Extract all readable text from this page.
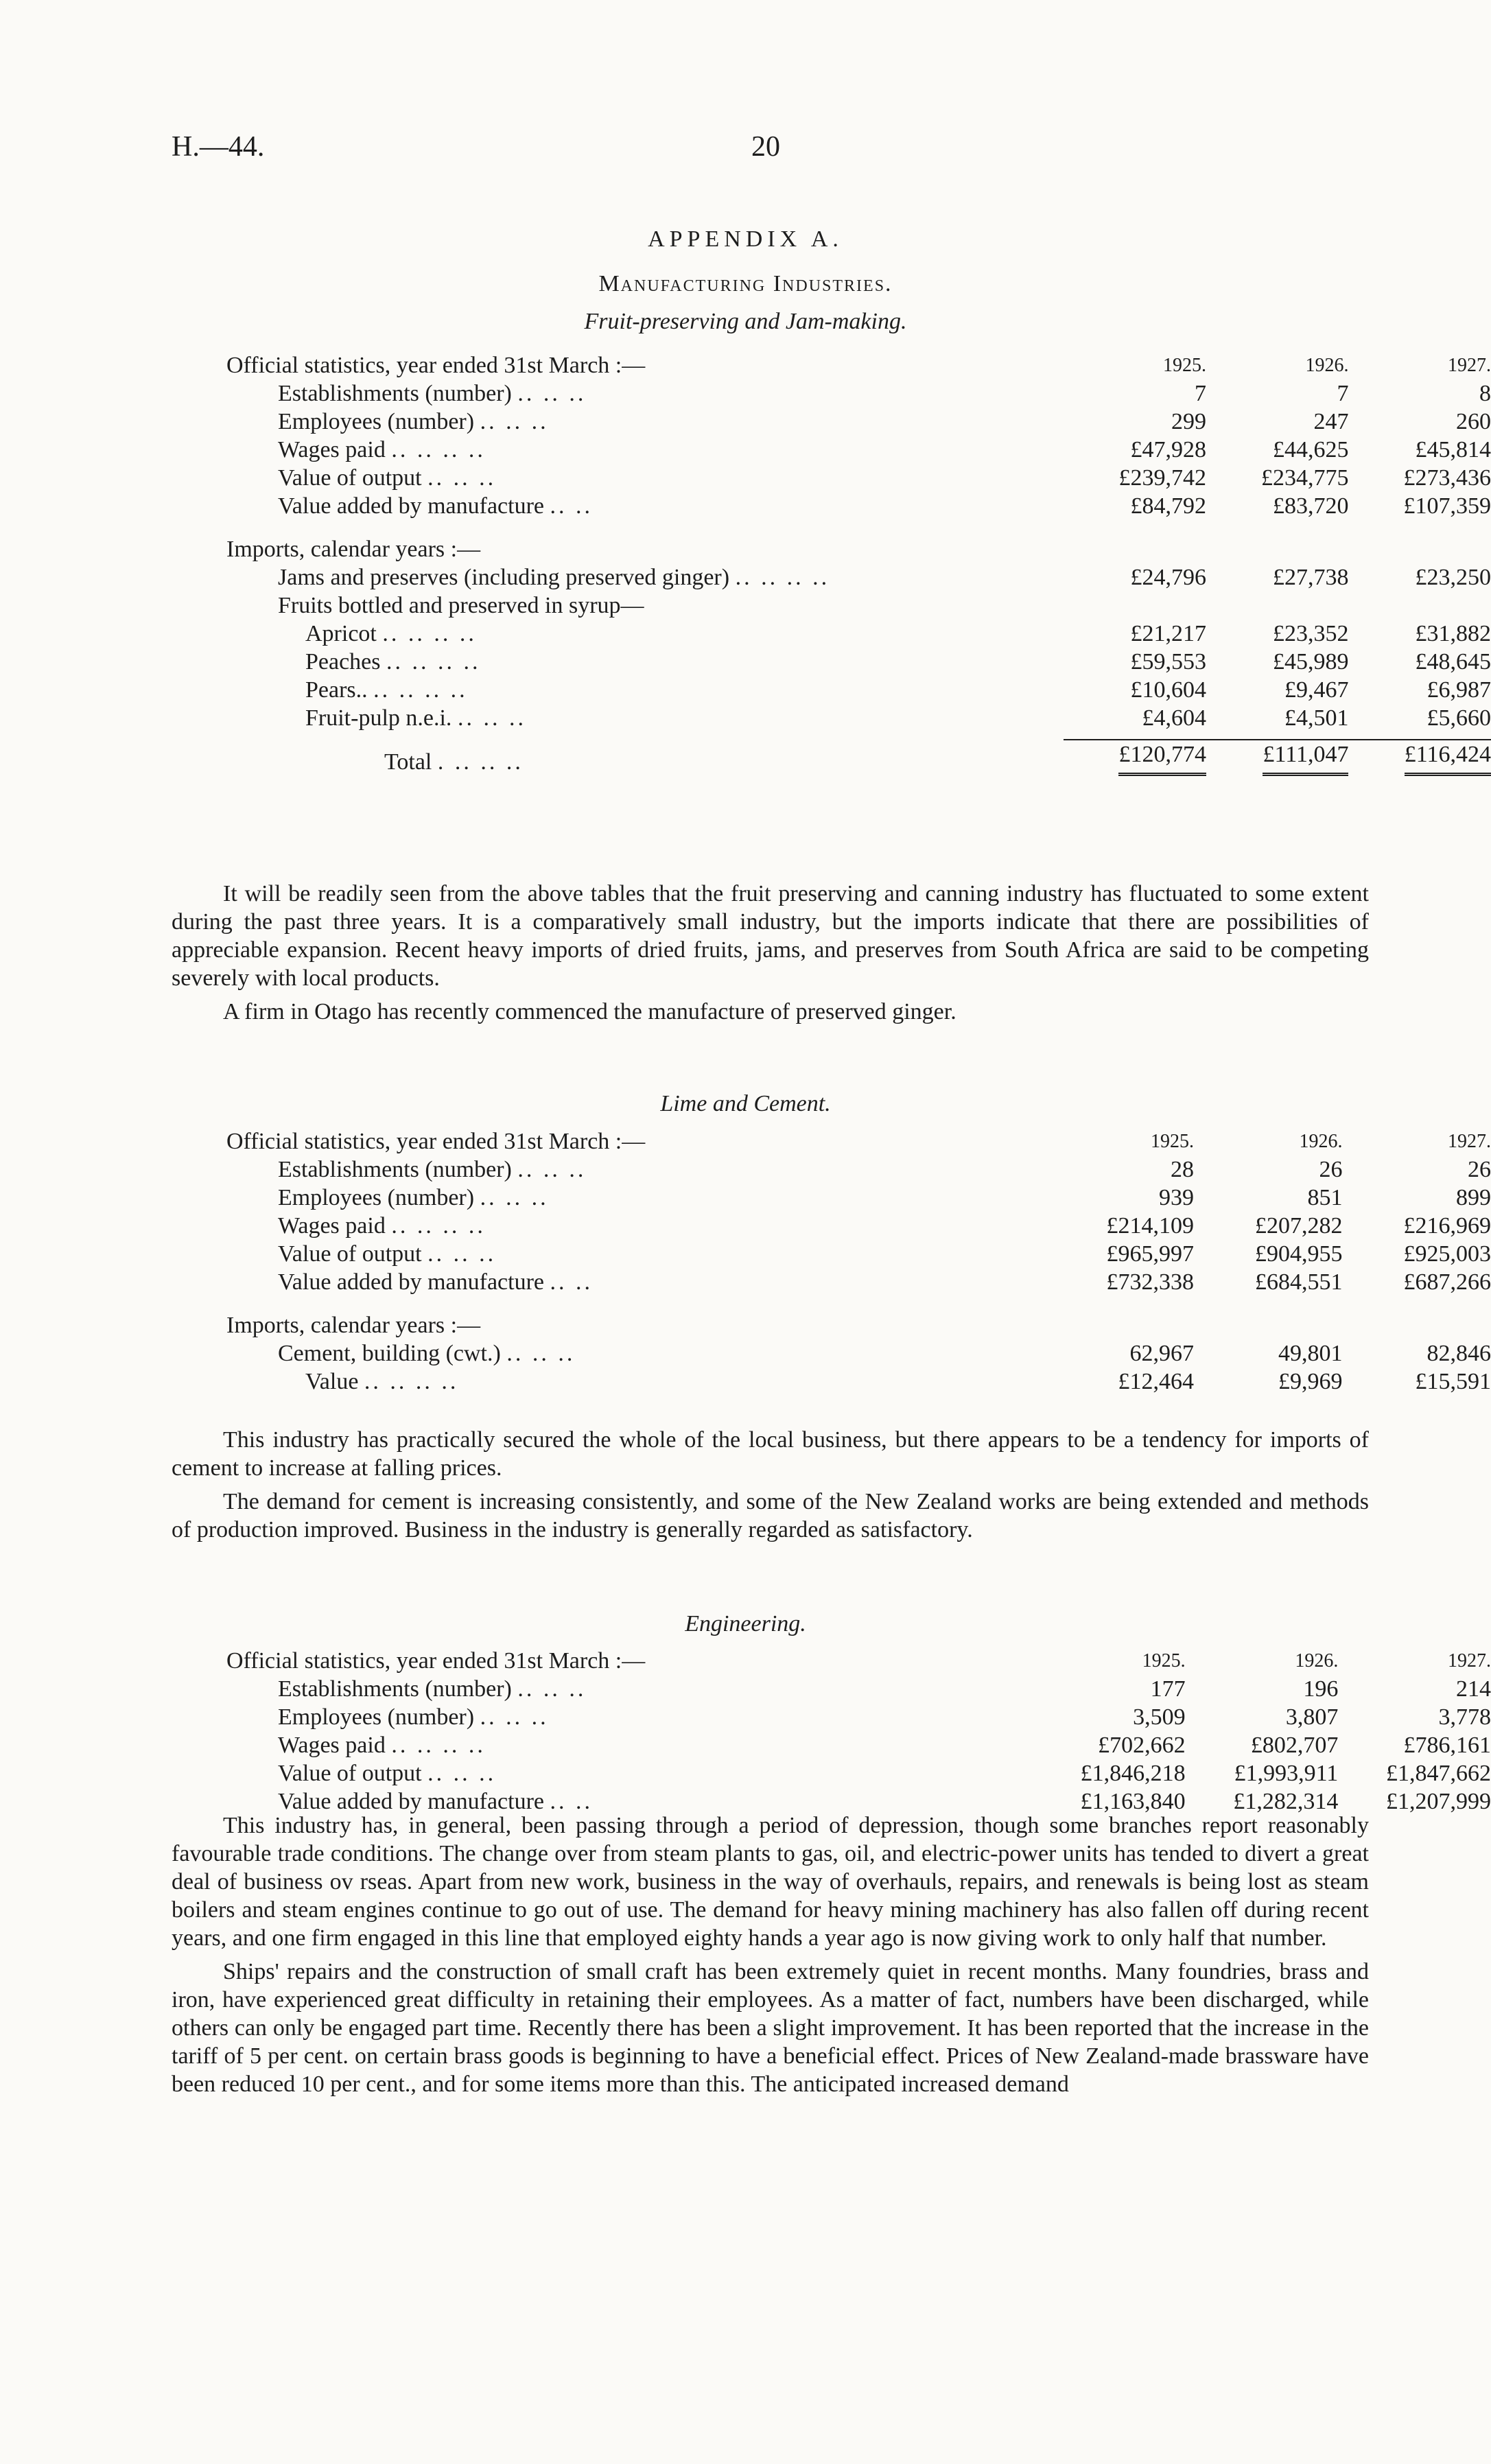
H.—44.	20
APPENDIX A.
Manufacturing Industries.
Fruit-preserving and Jam-making.
Official statistics, year ended 31st March :—	1925.	1926.	1927.
Establishments (number) .. .. ..	7	7	8
Employees (number) .. .. ..	299	247	260
Wages paid .. .. .. ..	£47,928	£44,625	£45,814
Value of output .. .. ..	£239,742	£234,775	£273,436
Value added by manufacture .. ..	£84,792	£83,720	£107,359

Imports, calendar years :—			
Jams and preserves (including preserved ginger) .. .. .. ..	£24,796	£27,738	£23,250
Fruits bottled and preserved in syrup—			
Apricot .. .. .. ..	£21,217	£23,352	£31,882
Peaches .. .. .. ..	£59,553	£45,989	£48,645
Pears.. .. .. .. ..	£10,604	£9,467	£6,987
Fruit-pulp n.e.i. .. .. ..	£4,604	£4,501	£5,660

Total . .. .. ..	£120,774	£111,047	£116,424

It will be readily seen from the above tables that the fruit preserving and canning industry has fluctuated to some extent during the past three years. It is a comparatively small industry, but the imports indicate that there are possibilities of appreciable expansion. Recent heavy imports of dried fruits, jams, and preserves from South Africa are said to be competing severely with local products.

A firm in Otago has recently commenced the manufacture of preserved ginger.

Lime and Cement.
Official statistics, year ended 31st March :—	1925.	1926.	1927.
Establishments (number) .. .. ..	28	26	26
Employees (number) .. .. ..	939	851	899
Wages paid .. .. .. ..	£214,109	£207,282	£216,969
Value of output .. .. ..	£965,997	£904,955	£925,003
Value added by manufacture .. ..	£732,338	£684,551	£687,266

Imports, calendar years :—			
Cement, building (cwt.) .. .. ..	62,967	49,801	82,846
Value .. .. .. ..	£12,464	£9,969	£15,591

This industry has practically secured the whole of the local business, but there appears to be a tendency for imports of cement to increase at falling prices.

The demand for cement is increasing consistently, and some of the New Zealand works are being extended and methods of production improved. Business in the industry is generally regarded as satisfactory.

Engineering.
Official statistics, year ended 31st March :—	1925.	1926.	1927.
Establishments (number) .. .. ..	177	196	214
Employees (number) .. .. ..	3,509	3,807	3,778
Wages paid .. .. .. ..	£702,662	£802,707	£786,161
Value of output .. .. ..	£1,846,218	£1,993,911	£1,847,662
Value added by manufacture .. ..	£1,163,840	£1,282,314	£1,207,999

This industry has, in general, been passing through a period of depression, though some branches report reasonably favourable trade conditions. The change over from steam plants to gas, oil, and electric-power units has tended to divert a great deal of business ov rseas. Apart from new work, business in the way of overhauls, repairs, and renewals is being lost as steam boilers and steam engines continue to go out of use. The demand for heavy mining machinery has also fallen off during recent years, and one firm engaged in this line that employed eighty hands a year ago is now giving work to only half that number.

Ships' repairs and the construction of small craft has been extremely quiet in recent months. Many foundries, brass and iron, have experienced great difficulty in retaining their employees. As a matter of fact, numbers have been discharged, while others can only be engaged part time. Recently there has been a slight improvement. It has been reported that the increase in the tariff of 5 per cent. on certain brass goods is beginning to have a beneficial effect. Prices of New Zealand-made brassware have been reduced 10 per cent., and for some items more than this. The anticipated increased demand
